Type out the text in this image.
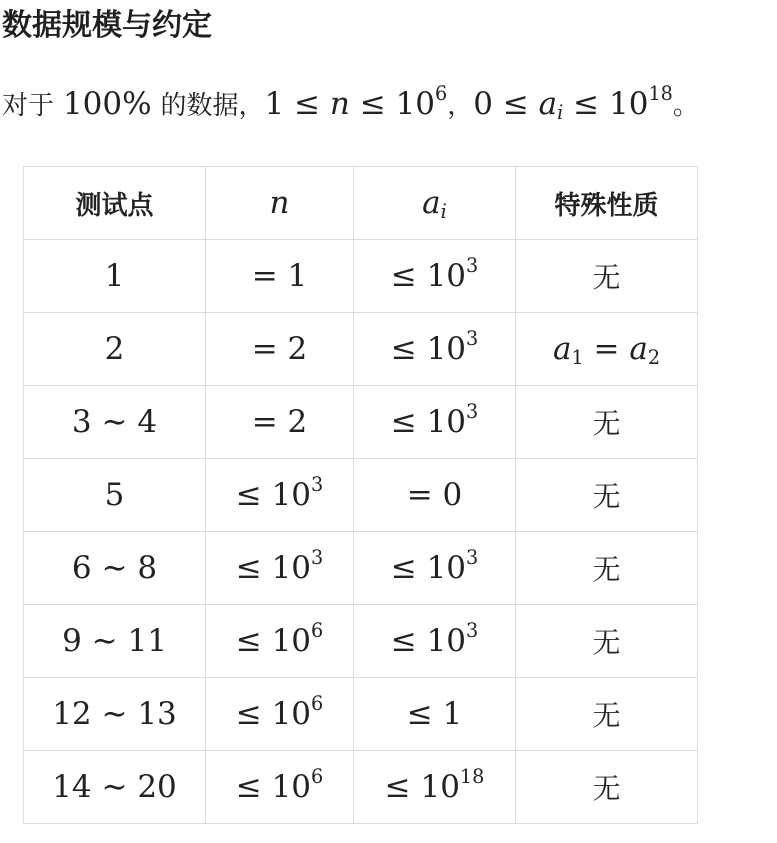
数据规模与约定
对于 100% 的数据，$1 \le n \le 10^6$，$0 \le a_i \le 10^{18}$。
测试点	n	$a_i$	特殊性质
1	= 1	≤ $10^3$	无
2	= 2	≤ $10^3$	$a_1 = a_2$
3 ∼ 4	= 2	≤ $10^3$	无
5	≤ $10^3$	= 0	无
6 ∼ 8	≤ $10^3$	≤ $10^3$	无
9 ∼ 11	≤ $10^6$	≤ $10^3$	无
12 ∼ 13	≤ $10^6$	≤ 1	无
14 ∼ 20	≤ $10^6$	≤ $10^{18}$	无
